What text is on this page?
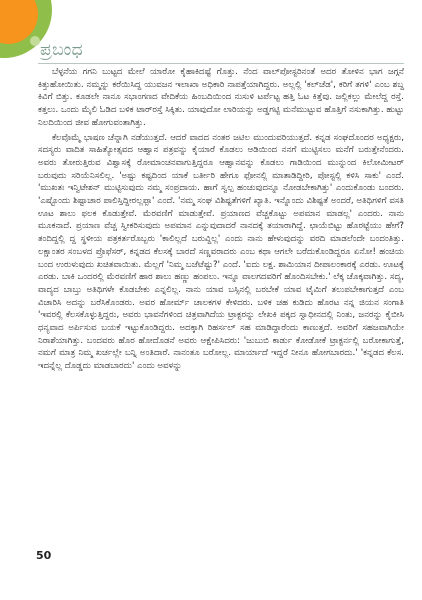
ಪ್ರಬಂಧ

ಬೆಳ್ಳನೆಯ ಗಗನಿ ಬುಟ್ಟದ ಮೇಲೆ ಯಾರೋ ಕೈಹಾಕಿದಷ್ಟೆ ಗೊತ್ತು. ನೆಂದ ವಾಲ್‌ಪೋಸ್ಟರಿನಂತೆ ಅದರ ತೋಳಿನ ಭಾಗ ಜಗ್ಗನೆ ಕಿತ್ತುಹೋಯಿತು. ನಮ್ಮನ್ನು ಕರೆಯಿಸಿದ್ದ ಯುವಜನ ಇಲಾಖಾ ಅಧಿಕಾರಿ ನಾಪತ್ತೆಯಾಗಿದ್ದರು. ಅಲ್ಲಲ್ಲಿ 'ಕಲ್‌ಚೆಡ', ಕರಿಗೆ ತಗಳಿ' ಎಂಬ ಶಬ್ದ ಕಿವಿಗೆ ಬಿತ್ತು. ಕೂಡಲೇ ನಾನೂ ಸಭಾಂಗಣದ ವೇದಿಕೆಯ ಹಿಂಬದಿಯಿಂದ ನುಸುಳಿ ಟರ್ಪೆಟ್ಟ ಹತ್ತಿ ಓಟ ಕಿತ್ತೆವು. ಜಲ್ಲಿಕಲ್ಲು ಮೇಲೆದ್ದ ರಸ್ತೆ. ಕತ್ತಲು. ಒಂದು ಮೈಲಿ ಓಡಿದ ಬಳಿಕ ಟಾರ್‌ರಸ್ತೆ ಸಿಕ್ಕಿತು. ಯಾವುದೋ ಲಾರಿಯನ್ನು ಅಡ್ಡಗಟ್ಟಿ ಮನೆಮುಟ್ಟುವ ಹೊತ್ತಿಗೆ ನಸುಕಾಗಿತ್ತು. ಹುಟ್ಟು ನಿಲದಿಯಿಂದ ಜೀವ ಹೋಗುವಂತಾಗಿತ್ತು.

ಕೆಲವೊಮ್ಮೆ ಭಾಷಣ ಚೆನ್ನಾಗಿ ನಡೆಯುತ್ತದೆ. ಆದರೆ ವಾದದ ನಂತರ ಜಟಿಲ ಮುಂದುವರಿಯುತ್ತದೆ. ಕನ್ನಡ ಸಂಘದೊಂದರ ಅಧ್ಯಕ್ಷರು, ಸದಸ್ಯರು ವಾದಿತ ಸಾಹಿತ್ಯೋತ್ಸವದ ಆಹ್ವಾನ ಪತ್ರವನ್ನು ಕೈಯಾರೆ ಕೊಡಲು ಆಡಿಯಿಂದ ನನಗೆ ಮುಟ್ಟಿಸಲು ಮನೆಗೆ ಬರುತ್ತೇನೆಂದರು. ಅವರು ತೋರುತ್ತಿರುವ ವಿಶ್ವಾಸಕ್ಕೆ ರೋಮಾಂಚನವಾಗುತ್ತಿದ್ದರೂ ಆಹ್ವಾನವನ್ನು ಕೊಡಲು ಗಾಡಿಯಿಂದ ಮುನ್ನುಂದ ಕಿಲೋಮೀಟರ್ ಬರುವುದು ಸರಿಯೆನಿಸಲಿಲ್ಲ. 'ಅಷ್ಟು ಕಷ್ಟದಿಂದ ಯಾಕೆ ಬರ್ತೀರಿ ಹೇಗೂ ಫೋನಲ್ಲಿ ಮಾತಾಡಿದ್ದೀರಿ, ಪೋಸ್ಟಲ್ಲಿ ಕಳಿಸಿ ಸಾಕು' ಎಂದೆ. 'ಮುಖತಃ ಇನ್ವಿಟೇಶನ್ ಮುಟ್ಟಿಸುವುದು ನಮ್ಮ ಸಂಪ್ರದಾಯ. ಹಾಗೆ ಸ್ವಲ್ಪ ಹಂಚುವುದನ್ನೂ ನೋಡಬೇಕಾಗಿತ್ತು' ಎಂದುಕೊಂಡು ಬಂದರು. 'ಎಷ್ಟೊಂದು ಶಿಷ್ಟಾಚಾರ ಪಾಲಿಸ್ತಿದ್ದೀರಲ್ಲಪ್ಪಾ' ಎಂದೆ. 'ನಮ್ಮ ಸಂಘ ವಿಶಿಷ್ಟತೆಗಳಿಗೆ ಖ್ಯಾತಿ. ಇನ್ನೊಂದು ವಿಶಿಷ್ಟತೆ ಅಂದರೆ, ಅತಿಥಿಗಳಿಗೆ ವಸತಿ ಊಟ ಶಾಲು ಫಲಕ ಕೊಡುತ್ತೇವೆ. ಮೆರವಣಿಗೆ ಮಾಡುತ್ತೇವೆ. ಪ್ರಯಾಣದ ವೆಚ್ಚಕೊಟ್ಟು ಅಪಮಾನ ಮಾಡಲ್ಲ' ಎಂದರು. ನಾನು ಮೂಕನಾದೆ. ಪ್ರಯಾಣ ವೆಚ್ಚ ಸ್ವೀಕರಿಸುವುದು ಅಪಮಾನ ಎನ್ನುವುದಾದರೆ ನಾನದಕ್ಕೆ ತಯಾರಾಗಿದ್ದೆ. ಛಾಯೆಬಿಟ್ಟು ಹೊರಟ್ಟೆಯು ಹೇಗೆ? ತಂದಿದ್ದಲ್ಲಿ ದ್ದ ಸ್ಥಳೀಯ ಪತ್ರಕರ್ತರೊಬ್ಬರು 'ಕಾಲಿಲ್ಲದೆ ಬರುವ್ದಿಲ್ಲ' ಎಂದು ನಾನು ಹೇಳುವುದನ್ನು ವರದಿ ಮಾಡಲೆಂದೇ ಬಂದಂತಿತ್ತು. ಲಕ್ಷಾಂತರ ಸಂಬಳದ ಪ್ರೊಫೆಸರ್, ಕನ್ನಡದ ಕೆಲಸಕ್ಕೆ ಬಾರದೆ ಸಣ್ಣವರಾದರು ಎಂಬ ಕಥಾ ಆಗಲೇ ಬರೆದುಕೊಂಡಿದ್ದರೂ ಏನೋ! ಹಂಚಿಯ ಬಂದ ಉರುಳುವುದು ಖಚಿತವಾಯಿತು. ಮೆಲ್ಲಗೆ 'ನಿಮ್ಮ ಬಜೆಟೆಷ್ಟು?' ಎಂದೆ. 'ಐದು ಲಕ್ಷ. ಶಾಮಿಯಾನ ದೀಪಾಲಂಕಾರಕ್ಕೆ ಎರಡು. ಊಟಕ್ಕೆ ಎರಡು. ಬಾಕಿ ಒಂದರಲ್ಲಿ ಮೆರವಣಿಗೆ ಹಾರ ಶಾಲು ಹಣ್ಣು ಹಂಪಲು. ಇನ್ನೂ ವಾಲಗದವರಿಗೆ ಹೊಂದಿಸಬೇಕು.' ಲೆಕ್ಕ ಚೊಕ್ಕವಾಗಿತ್ತು. ಸದ್ಯ, ವಾದ್ಯದ ಬಾಬ್ತು ಅತಿಥಿಗಳೇ ಕೊಡಬೇಕು ಎನ್ನಲಿಲ್ಲ. ನಾನು ಯಾವ ಬಸ್ಸಿನಲ್ಲಿ ಬರಬೇಕೆ ಯಾವ ಟೈಮಿಗೆ ತಲುಪಬೇಕಾಗುತ್ತದೆ ಎಂಬ ವಿಚಾರಿಸಿ ಅದನ್ನು ಬರೆಸಿಕೊಂಡರು. ಅವರ ಹೋರ್ಮ್ ಚಾಲಕಗಳ ಕೇಳಿದರು. ಬಳಿಕ ಚಹ ಕುಡಿದು ಹೊರಟ ನನ್ನ ಜಿಯನ ಸಂಗಾತಿ 'ಇವರಲ್ಲಿ ಕೆಲಸಕೊಳ್ಳುತ್ತಿದ್ದರು, ಅವರು ಭಾವನೆಗಳಿಂದ ಚಿತ್ರವಾಗಿದೆಯ ಟ್ರಾಕ್ಟರನ್ನು ಲೇಖಕಿ ಪಕ್ಕದ ಸ್ವಾಧೀನದಲ್ಲಿ ನಿಂತು, ಜನರನ್ನು ಕೈಬೀಸಿ ಧನ್ಯವಾದ ಅರ್ಪಿಸುವ ಬಯಕೆ ಇಟ್ಟುಕೊಂಡಿದ್ದರು. ಅದಕ್ಕಾಗಿ ರಿಹರ್ಸಲ್ ಸಹ ಮಾಡಿದ್ದಾರೆಂದು ಕಾಣುತ್ತದೆ. ಅವರಿಗೆ ಸಹಜವಾಗಿಯೇ ನಿರಾಶೆಯಾಗಿತ್ತು. ಬಂದವರು ಹೊರ ಹೋದೊಡನೆ ಅವರು ಆಕ್ಷೇಪಿಸಿದರು: 'ಜುಬುಬಿ ಕಾರ್ಡು ಕೋಡೋಕೆ ಟ್ರಾಕ್ಟರ್ನಲ್ಲಿ ಬರೋಕಾಗುತ್ತೆ, ನಮಗೆ ಮಾತ್ರ ನಿಮ್ಮ ಖರ್ಚಲ್ಲೇ ಬನ್ನಿ ಅಂತಿದಾರೆ. ನಾನಂತೂ ಬರೋಲ್ಲ. ಮಾರ್ಯಾದೆ ಇದ್ದರೆ ನೀನೂ ಹೋಗಬಾರದು.' 'ಕನ್ನಡದ ಕೆಲಸ. ಇದನ್ನೆಲ್ಲ ದೊಡ್ಡದು ಮಾಡಬಾರದು' ಎಂದು ಅವಳನ್ನು

50
